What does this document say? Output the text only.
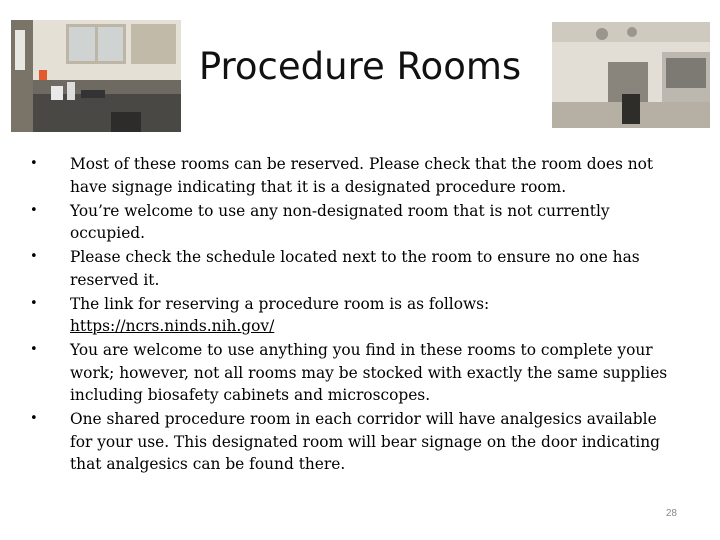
Procedure Rooms
•	Most of these rooms can be reserved. Please check that the room does not have signage indicating that it is a designated procedure room.
•	You’re welcome to use any non-designated room that is not currently occupied.
•	Please check the schedule located next to the room to ensure no one has reserved it.
•	The link for reserving a procedure room is as follows:
https://ncrs.ninds.nih.gov/
•	You are welcome to use anything you find in these rooms to complete your work; however, not all rooms may be stocked with exactly the same supplies including biosafety cabinets and microscopes.
•	One shared procedure room in each corridor will have analgesics available for your use. This designated room will bear signage on the door indicating that analgesics can be found there.
28
